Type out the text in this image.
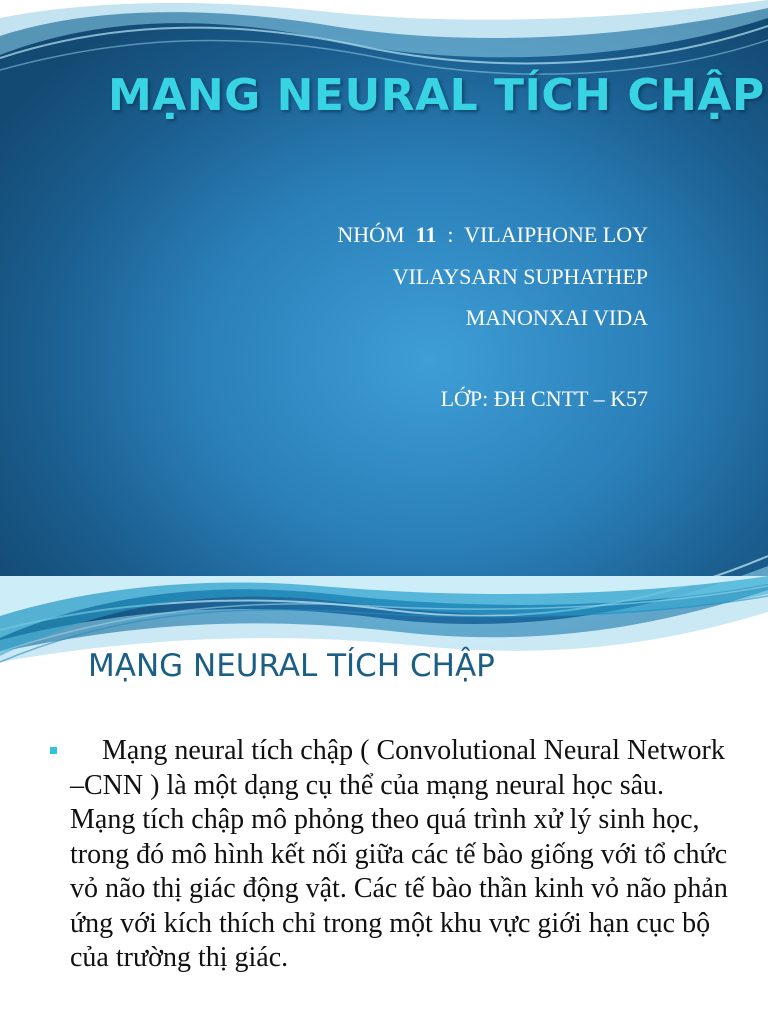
MẠNG NEURAL TÍCH CHẬP
NHÓM 11 : VILAIPHONE LOY
VILAYSARN SUPHATHEP
MANONXAI VIDA
LỚP: ĐH CNTT – K57
MẠNG NEURAL TÍCH CHẬP

Mạng neural tích chập ( Convolutional Neural Network –CNN ) là một dạng cụ thể của mạng neural học sâu. Mạng tích chập mô phỏng theo quá trình xử lý sinh học, trong đó mô hình kết nối giữa các tế bào giống với tổ chức vỏ não thị giác động vật. Các tế bào thần kinh vỏ não phản ứng với kích thích chỉ trong một khu vực giới hạn cục bộ của trường thị giác.
